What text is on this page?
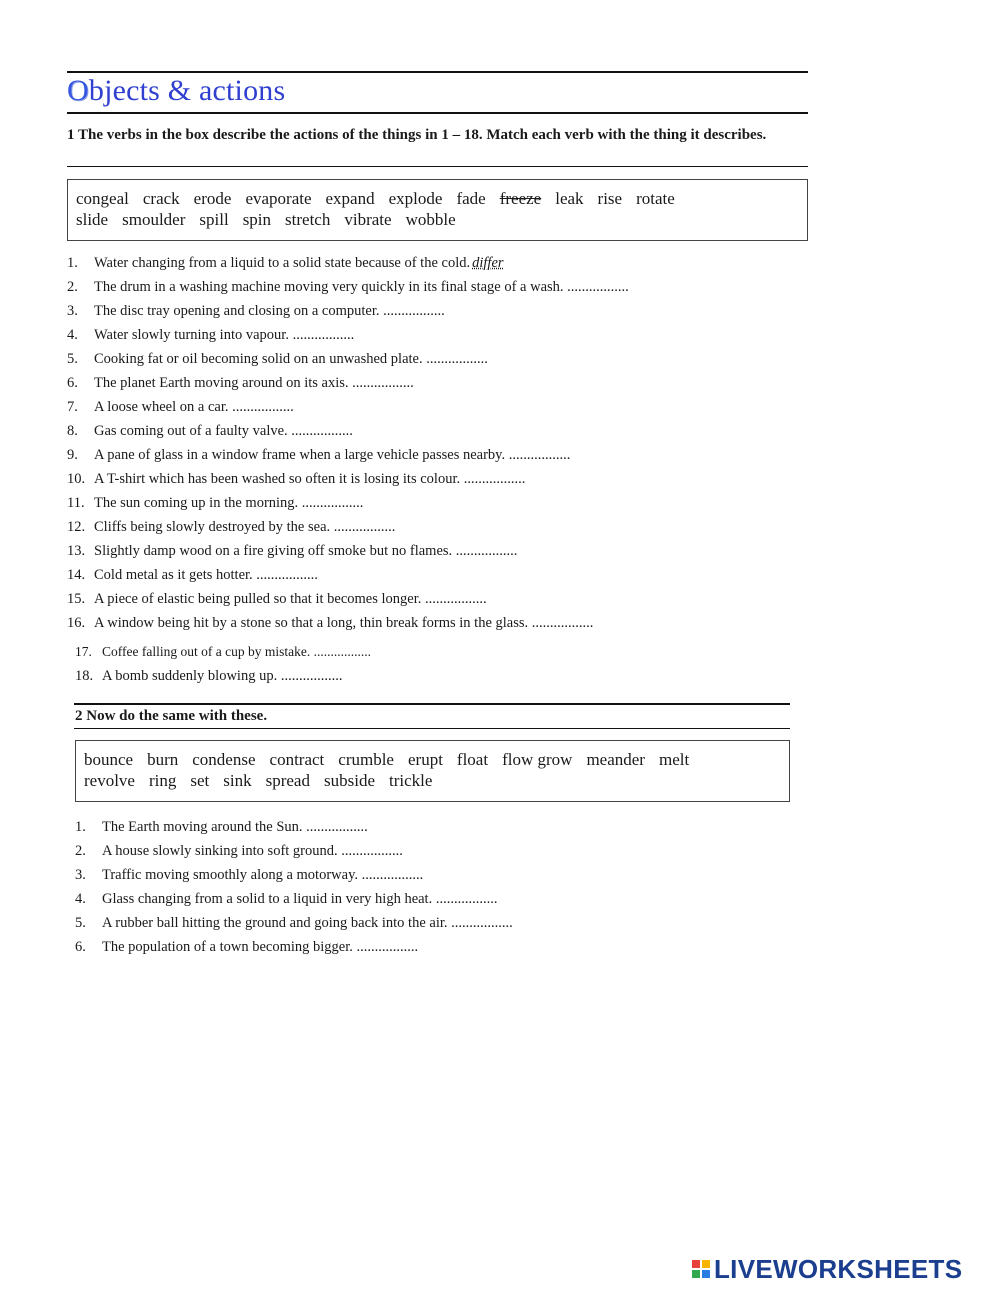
Objects & actions
1 The verbs in the box describe the actions of the things in 1 – 18. Match each verb with the thing it describes.
congeal crack erode evaporate expand explode fade freeze leak rise rotate
slide smoulder spill spin stretch vibrate wobble
1. Water changing from a liquid to a solid state because of the cold. differ
2. The drum in a washing machine moving very quickly in its final stage of a wash. .................
3. The disc tray opening and closing on a computer. .................
4. Water slowly turning into vapour. .................
5. Cooking fat or oil becoming solid on an unwashed plate. .................
6. The planet Earth moving around on its axis. .................
7. A loose wheel on a car. .................
8. Gas coming out of a faulty valve. .................
9. A pane of glass in a window frame when a large vehicle passes nearby. .................
10. A T-shirt which has been washed so often it is losing its colour. .................
11. The sun coming up in the morning. .................
12. Cliffs being slowly destroyed by the sea. .................
13. Slightly damp wood on a fire giving off smoke but no flames. .................
14. Cold metal as it gets hotter. .................
15. A piece of elastic being pulled so that it becomes longer. .................
16. A window being hit by a stone so that a long, thin break forms in the glass. .................
17. Coffee falling out of a cup by mistake. .................
18. A bomb suddenly blowing up. .................
2 Now do the same with these.
bounce burn condense contract crumble erupt float flow grow meander melt
revolve ring set sink spread subside trickle
1. The Earth moving around the Sun. .................
2. A house slowly sinking into soft ground. .................
3. Traffic moving smoothly along a motorway. .................
4. Glass changing from a solid to a liquid in very high heat. .................
5. A rubber ball hitting the ground and going back into the air. .................
6. The population of a town becoming bigger. .................
LIVEWORKSHEETS
